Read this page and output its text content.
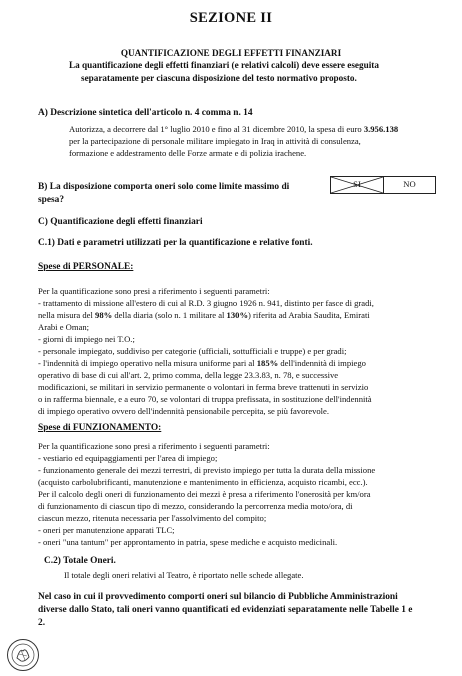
SEZIONE II
QUANTIFICAZIONE DEGLI EFFETTI FINANZIARI
La quantificazione degli effetti finanziari (e relativi calcoli) deve essere eseguita
separatamente per ciascuna disposizione del testo normativo proposto.
A) Descrizione sintetica dell'articolo n. 4 comma n. 14
Autorizza, a decorrere dal 1° luglio 2010 e fino al 31 dicembre 2010, la spesa di euro 3.956.138
per la partecipazione di personale militare impiegato in Iraq in attività di consulenza,
formazione e addestramento delle Forze armate e di polizia irachene.
B) La disposizione comporta oneri solo come limite massimo di
spesa?
SI	NO
C) Quantificazione degli effetti finanziari
C.1) Dati e parametri utilizzati per la quantificazione e relative fonti.
Spese di PERSONALE:
Per la quantificazione sono presi a riferimento i seguenti parametri:
- trattamento di missione all'estero di cui al R.D. 3 giugno 1926 n. 941, distinto per fasce di gradi,
nella misura del 98% della diaria (solo n. 1 militare al 130%) riferita ad Arabia Saudita, Emirati
Arabi e Oman;
- giorni di impiego nei T.O.;
- personale impiegato, suddiviso per categorie (ufficiali, sottufficiali e truppe) e per gradi;
- l'indennità di impiego operativo nella misura uniforme pari al 185% dell'indennità di impiego
operativo di base di cui all'art. 2, primo comma, della legge 23.3.83, n. 78, e successive
modificazioni, se militari in servizio permanente o volontari in ferma breve trattenuti in servizio
o in rafferma biennale, e a euro 70, se volontari di truppa prefissata, in sostituzione dell'indennità
di impiego operativo ovvero dell'indennità pensionabile percepita, se più favorevole.
Spese di FUNZIONAMENTO:
Per la quantificazione sono presi a riferimento i seguenti parametri:
- vestiario ed equipaggiamenti per l'area di impiego;
- funzionamento generale dei mezzi terrestri, di previsto impiego per tutta la durata della missione
(acquisto carbolubrificanti, manutenzione e mantenimento in efficienza, acquisto ricambi, ecc.).
Per il calcolo degli oneri di funzionamento dei mezzi è presa a riferimento l'onerosità per km/ora
di funzionamento di ciascun tipo di mezzo, considerando la percorrenza media moto/ora, di
ciascun mezzo, ritenuta necessaria per l'assolvimento del compito;
- oneri per manutenzione apparati TLC;
- oneri "una tantum" per approntamento in patria, spese mediche e acquisto medicinali.
C.2) Totale Oneri.
Il totale degli oneri relativi al Teatro, è riportato nelle schede allegate.
Nel caso in cui il provvedimento comporti oneri sul bilancio di Pubbliche Amministrazioni
diverse dallo Stato, tali oneri vanno quantificati ed evidenziati separatamente nelle Tabelle 1 e
2.
